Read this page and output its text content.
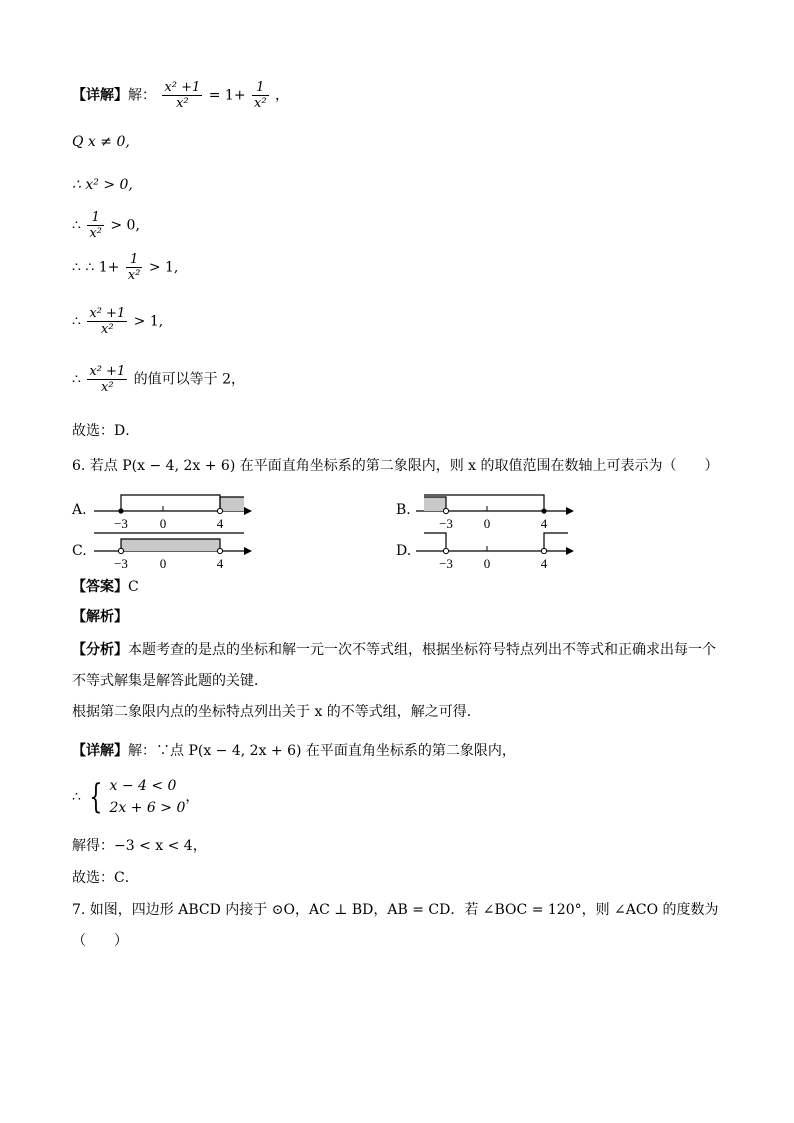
【详解】解： $\frac{\text{x² +1}}{\text{x²}} = 1+ \frac{1}{\text{x²}}$ ，
Q x ≠ 0,
∴ x² > 0,
∴ $\frac{1}{\text{x²}} > 0$,
∴ ∴ $1+ \frac{1}{\text{x²}} > 1$,
∴ $\frac{\text{x² +1}}{\text{x²}} > 1$,
∴ $\frac{\text{x² +1}}{\text{x²}}$ 的值可以等于 2，
故选：D．
6. 若点 P(x − 4, 2x + 6) 在平面直角坐标系的第二象限内，则 x 的取值范围在数轴上可表示为（　　）
A.
−3 0	4
B.
−3 0	4
C.
−3 0	4
D.
−3 0	4
【答案】C
【解析】
【分析】本题考查的是点的坐标和解一元一次不等式组，根据坐标符号特点列出不等式和正确求出每一个
不等式解集是解答此题的关键．
根据第二象限内点的坐标特点列出关于 x 的不等式组，解之可得．
【详解】解：∵点 P(x − 4, 2x + 6) 在平面直角坐标系的第二象限内，
∴ { x − 4 < 0
2x + 6 > 0
，
解得：−3 < x < 4，
故选：C．
7. 如图，四边形 ABCD 内接于 ⊙O，AC ⊥ BD，AB = CD．若 ∠BOC = 120°，则 ∠ACO 的度数为
（　　）
